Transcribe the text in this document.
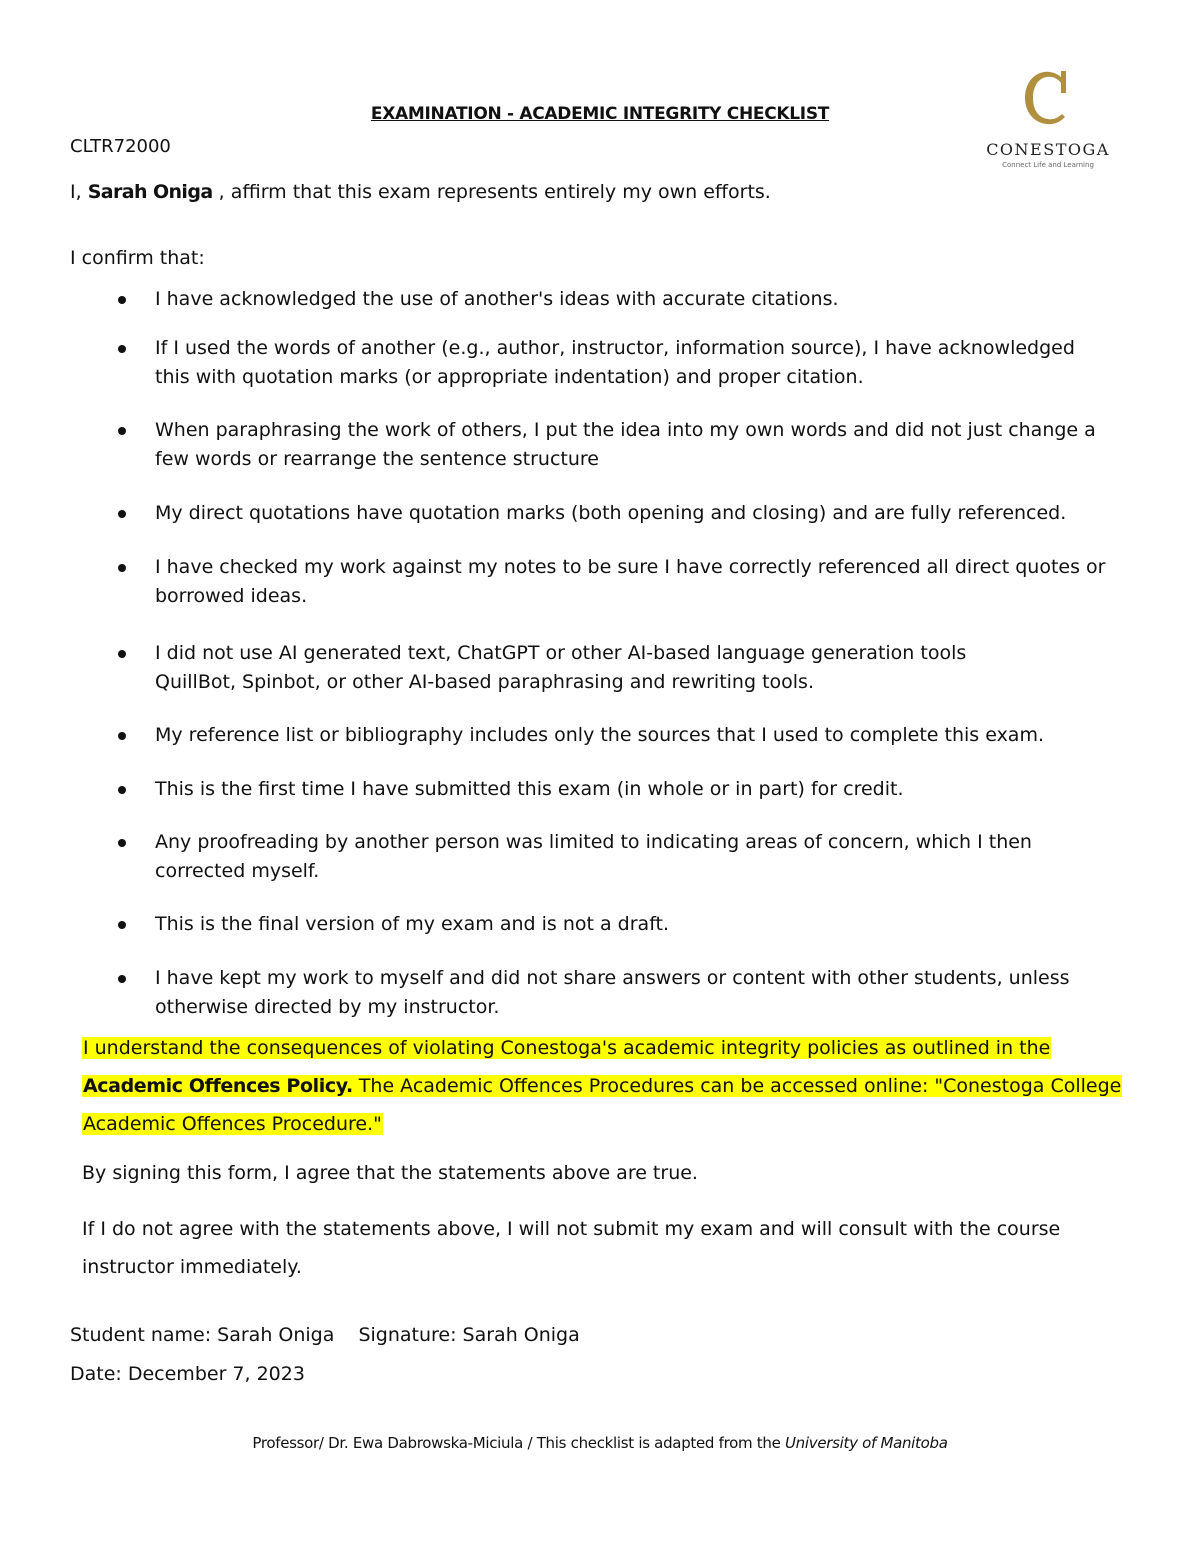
EXAMINATION - ACADEMIC INTEGRITY CHECKLIST
CLTR72000	CONESTOGA
Connect Life and Learning
I, Sarah Oniga , affirm that this exam represents entirely my own efforts.
I confirm that:
I have acknowledged the use of another's ideas with accurate citations.
If I used the words of another (e.g., author, instructor, information source), I have acknowledged
this with quotation marks (or appropriate indentation) and proper citation.
When paraphrasing the work of others, I put the idea into my own words and did not just change a
few words or rearrange the sentence structure
My direct quotations have quotation marks (both opening and closing) and are fully referenced.
I have checked my work against my notes to be sure I have correctly referenced all direct quotes or
borrowed ideas.
I did not use AI generated text, ChatGPT or other AI-based language generation tools
QuillBot, Spinbot, or other AI-based paraphrasing and rewriting tools.
My reference list or bibliography includes only the sources that I used to complete this exam.
This is the first time I have submitted this exam (in whole or in part) for credit.
Any proofreading by another person was limited to indicating areas of concern, which I then
corrected myself.
This is the final version of my exam and is not a draft.
I have kept my work to myself and did not share answers or content with other students, unless
otherwise directed by my instructor.
I understand the consequences of violating Conestoga's academic integrity policies as outlined in the
Academic Offences Policy. The Academic Offences Procedures can be accessed online: "Conestoga College
Academic Offences Procedure."
By signing this form, I agree that the statements above are true.
If I do not agree with the statements above, I will not submit my exam and will consult with the course instructor immediately.
Student name: Sarah Oniga Signature: Sarah Oniga
Date: December 7, 2023
Professor/ Dr. Ewa Dabrowska-Miciula / This checklist is adapted from the University of Manitoba
